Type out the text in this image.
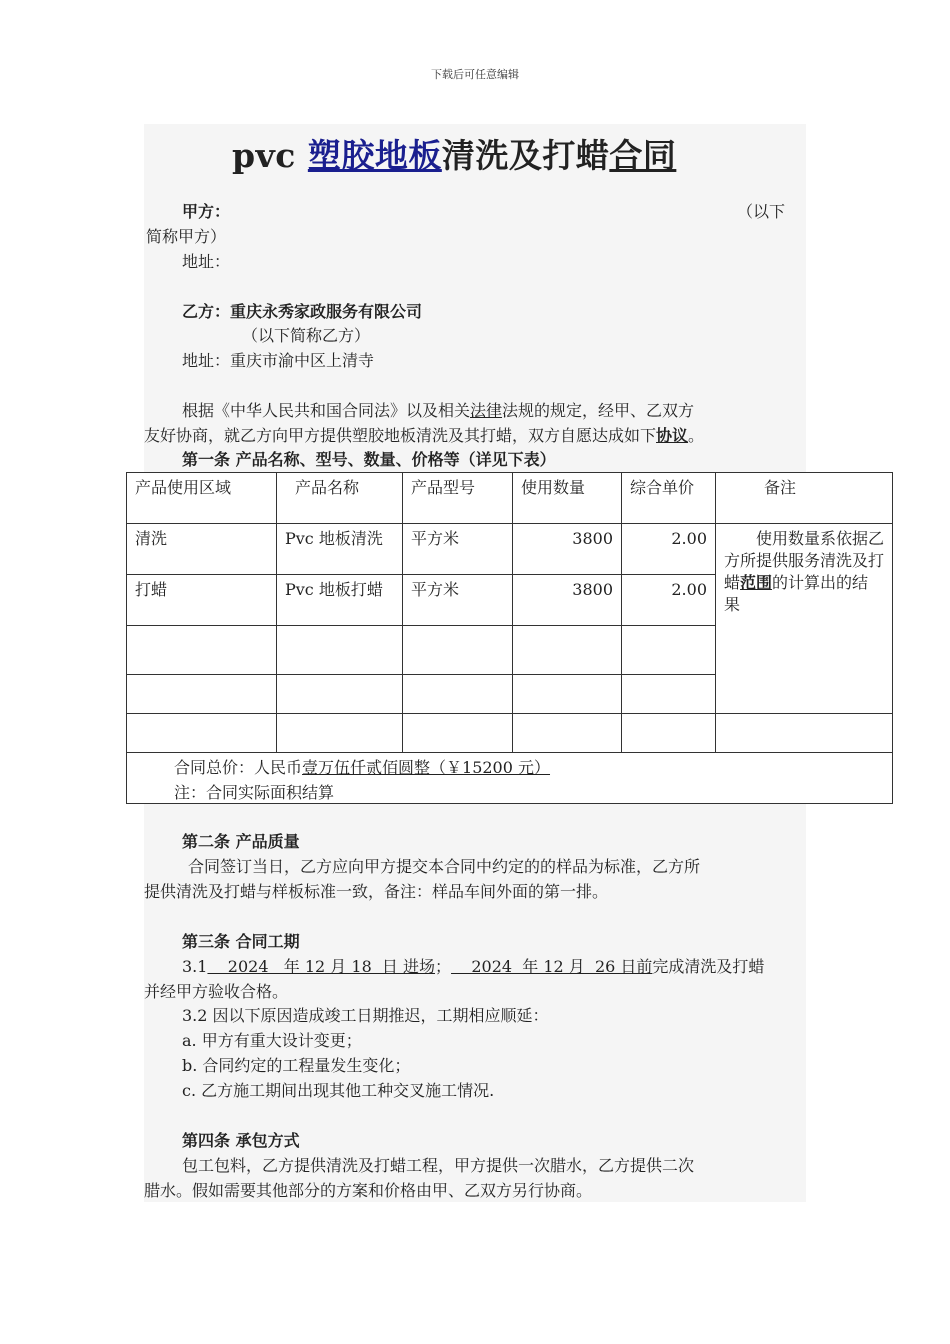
下载后可任意编辑
pvc 塑胶地板清洗及打蜡合同
甲方：	（以下
简称甲方）
地址：
乙方：重庆永秀家政服务有限公司
（以下简称乙方）
地址：重庆市渝中区上清寺
根据《中华人民共和国合同法》以及相关法律法规的规定，经甲、乙双方
友好协商，就乙方向甲方提供塑胶地板清洗及其打蜡，双方自愿达成如下协议。
第一条 产品名称、型号、数量、价格等（详见下表）
产品使用区域	产品名称	产品型号	使用数量	综合单价	备注
清洗	Pvc 地板清洗	平方米	3800	2.00	使用数量系依据乙方所提供服务清洗及打蜡范围的计算出的结果
打蜡	Pvc 地板打蜡	平方米	3800	2.00	

合同总价：人民币壹万伍仟贰佰圆整（￥15200 元）
注：合同实际面积结算
第二条 产品质量
合同签订当日，乙方应向甲方提交本合同中约定的的样品为标准，乙方所
提供清洗及打蜡与样板标准一致，备注：样品车间外面的第一排。
第三条 合同工期
3.1    2024   年 12 月 18  日 进场；    2024  年 12 月  26 日前完成清洗及打蜡
并经甲方验收合格。
3.2 因以下原因造成竣工日期推迟，工期相应顺延：
a. 甲方有重大设计变更；
b. 合同约定的工程量发生变化；
c. 乙方施工期间出现其他工种交叉施工情况.
第四条 承包方式
包工包料，乙方提供清洗及打蜡工程，甲方提供一次腊水，乙方提供二次
腊水。假如需要其他部分的方案和价格由甲、乙双方另行协商。
